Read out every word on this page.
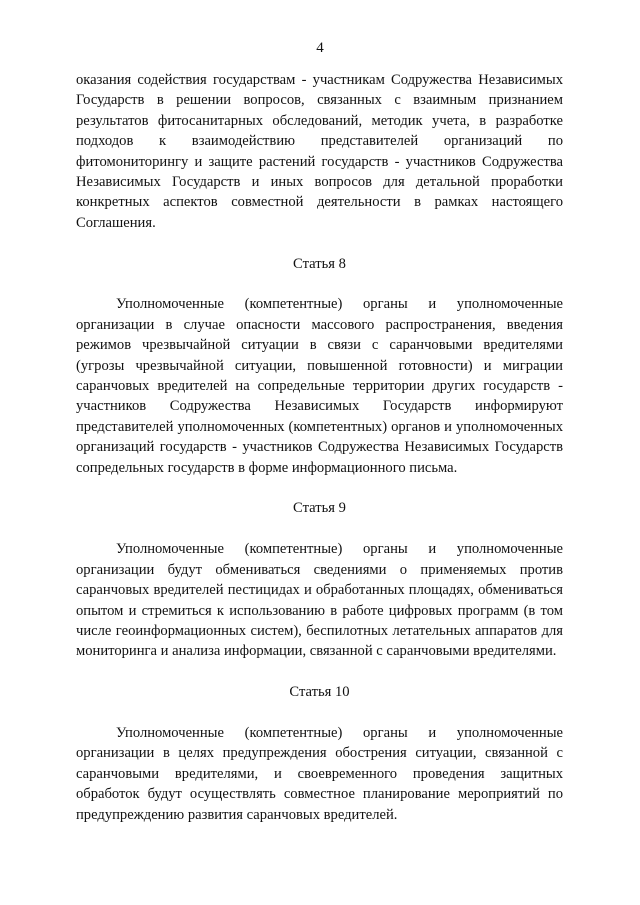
4

оказания содействия государствам - участникам Содружества Независимых Государств в решении вопросов, связанных с взаимным признанием результатов фитосанитарных обследований, методик учета, в разработке подходов к взаимодействию представителей организаций по фитомониторингу и защите растений государств - участников Содружества Независимых Государств и иных вопросов для детальной проработки конкретных аспектов совместной деятельности в рамках настоящего Соглашения.

Статья 8

Уполномоченные (компетентные) органы и уполномоченные организации в случае опасности массового распространения, введения режимов чрезвычайной ситуации в связи с саранчовыми вредителями (угрозы чрезвычайной ситуации, повышенной готовности) и миграции саранчовых вредителей на сопредельные территории других государств - участников Содружества Независимых Государств информируют представителей уполномоченных (компетентных) органов и уполномоченных организаций государств - участников Содружества Независимых Государств сопредельных государств в форме информационного письма.

Статья 9

Уполномоченные (компетентные) органы и уполномоченные организации будут обмениваться сведениями о применяемых против саранчовых вредителей пестицидах и обработанных площадях, обмениваться опытом и стремиться к использованию в работе цифровых программ (в том числе геоинформационных систем), беспилотных летательных аппаратов для мониторинга и анализа информации, связанной с саранчовыми вредителями.

Статья 10

Уполномоченные (компетентные) органы и уполномоченные организации в целях предупреждения обострения ситуации, связанной с саранчовыми вредителями, и своевременного проведения защитных обработок будут осуществлять совместное планирование мероприятий по предупреждению развития саранчовых вредителей.
